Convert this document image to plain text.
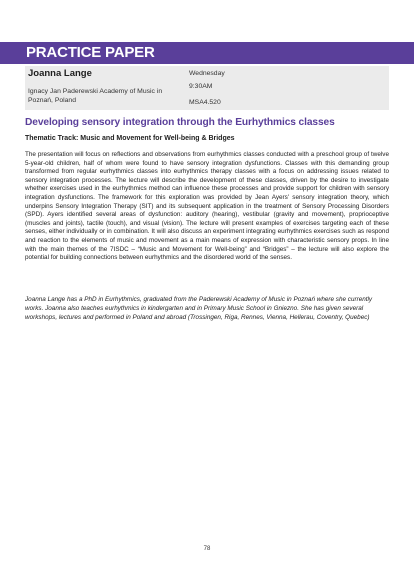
PRACTICE PAPER
Joanna Lange
Ignacy Jan Paderewski Academy of Music in Poznań, Poland
Wednesday
9:30AM
MSA4.520
Developing sensory integration through the Eurhythmics classes
Thematic Track: Music and Movement for Well-being & Bridges
The presentation will focus on reflections and observations from eurhythmics classes conducted with a preschool group of twelve 5-year-old children, half of whom were found to have sensory integration dysfunctions. Classes with this demanding group transformed from regular eurhythmics classes into eurhythmics therapy classes with a focus on addressing issues related to sensory integration processes. The lecture will describe the development of these classes, driven by the desire to investigate whether exercises used in the eurhythmics method can influence these processes and provide support for children with sensory integration dysfunctions. The framework for this exploration was provided by Jean Ayers' sensory integration theory, which underpins Sensory Integration Therapy (SIT) and its subsequent application in the treatment of Sensory Processing Disorders (SPD). Ayers identified several areas of dysfunction: auditory (hearing), vestibular (gravity and movement), proprioceptive (muscles and joints), tactile (touch), and visual (vision). The lecture will present examples of exercises targeting each of these senses, either individually or in combination. It will also discuss an experiment integrating eurhythmics exercises such as respond and reaction to the elements of music and movement as a main means of expression with characteristic sensory props. In line with the main themes of the 7ISDC – “Music and Movement for Well-being” and “Bridges” – the lecture will also explore the potential for building connections between eurhythmics and the disordered world of the senses.
Joanna Lange has a PhD in Eurhythmics, graduated from the Paderewski Academy of Music in Poznań where she currently works. Joanna also teaches eurhythmics in kindergarten and in Primary Music School in Gniezno. She has given several workshops, lectures and performed in Poland and abroad (Trossingen, Riga, Rennes, Vienna, Hellerau, Coventry, Quebec)
78
